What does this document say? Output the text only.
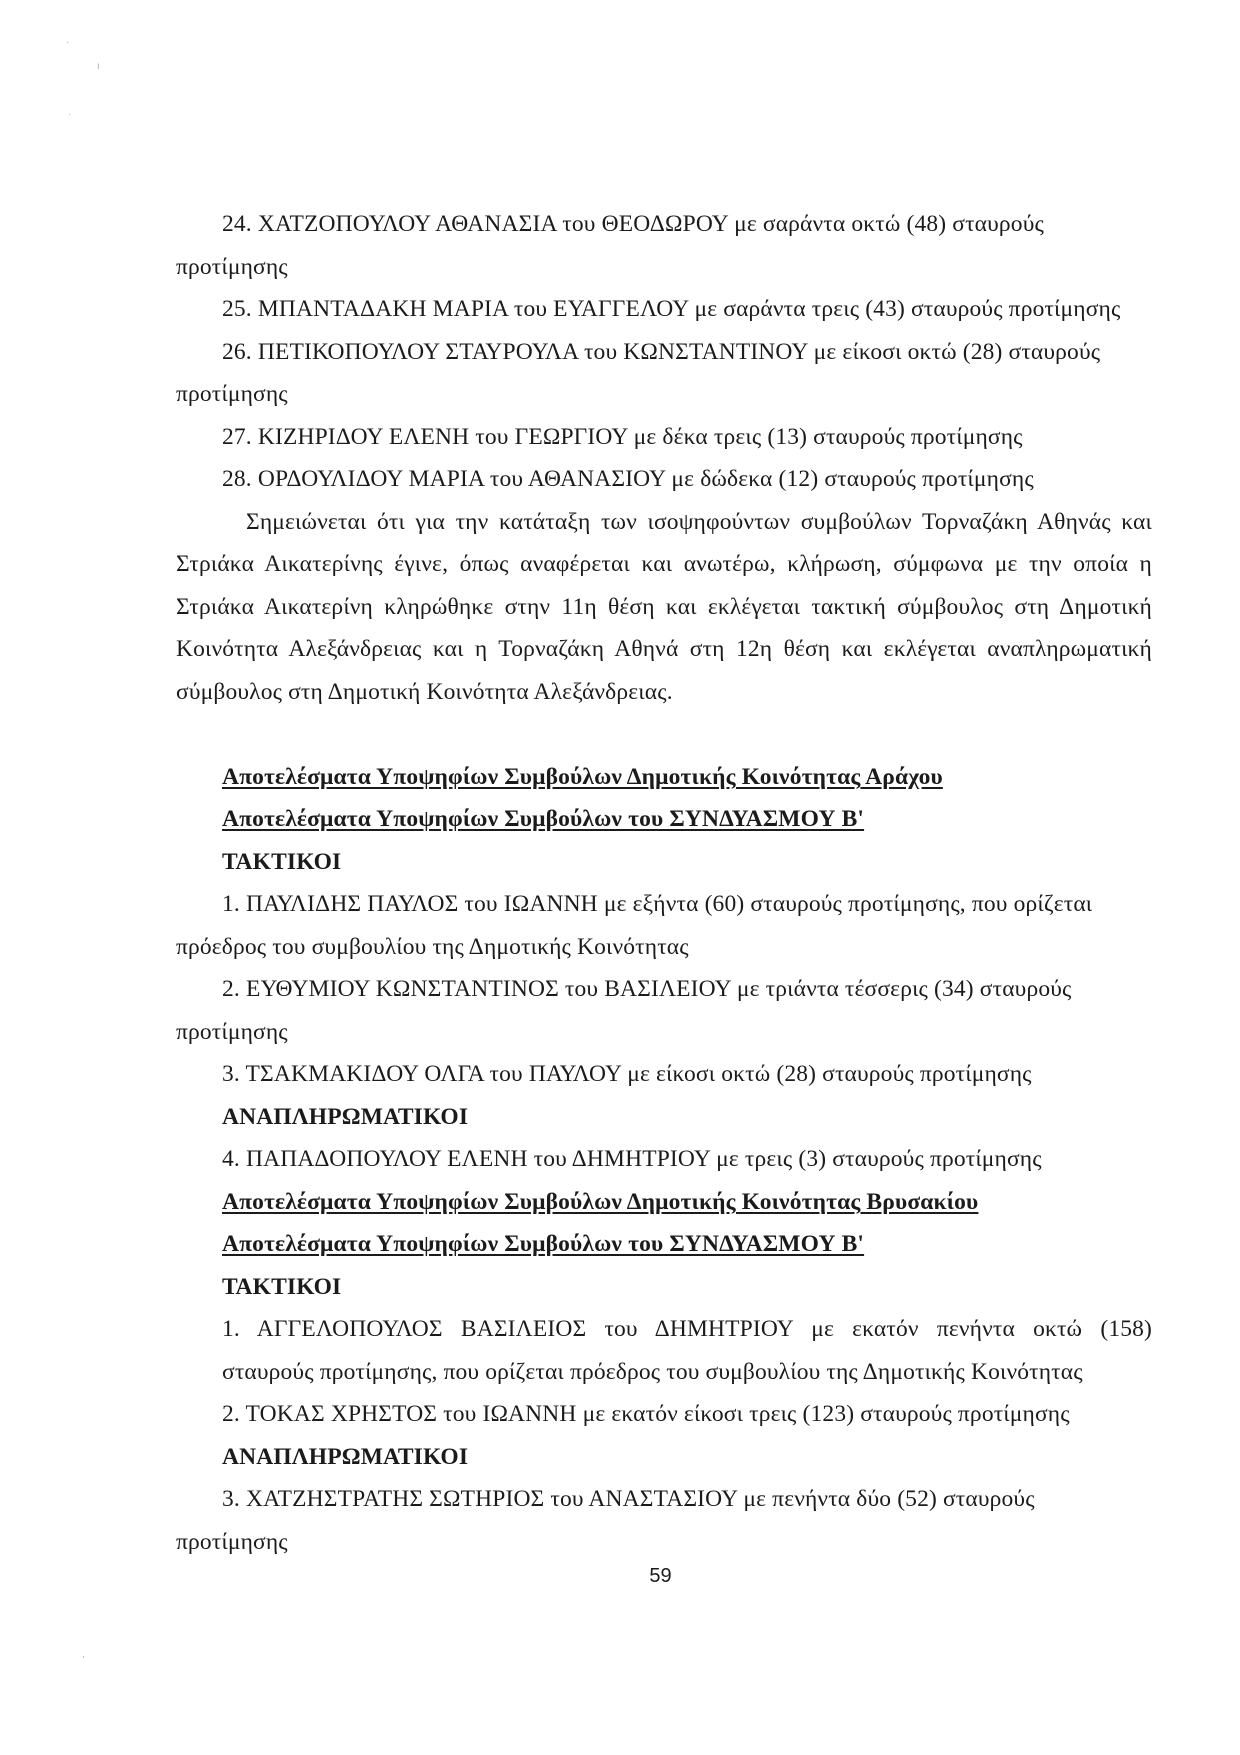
·
ı
·
,
24. ΧΑΤΖΟΠΟΥΛΟΥ ΑΘΑΝΑΣΙΑ του ΘΕΟΔΩΡΟΥ με σαράντα οκτώ (48) σταυρούς
προτίμησης
25. ΜΠΑΝΤΑΔΑΚΗ ΜΑΡΙΑ του ΕΥΑΓΓΕΛΟΥ με σαράντα τρεις (43) σταυρούς προτίμησης
26. ΠΕΤΙΚΟΠΟΥΛΟΥ ΣΤΑΥΡΟΥΛΑ του ΚΩΝΣΤΑΝΤΙΝΟΥ με είκοσι οκτώ (28) σταυρούς
προτίμησης
27. ΚΙΖΗΡΙΔΟΥ ΕΛΕΝΗ του ΓΕΩΡΓΙΟΥ με δέκα τρεις (13) σταυρούς προτίμησης
28. ΟΡΔΟΥΛΙΔΟΥ ΜΑΡΙΑ του ΑΘΑΝΑΣΙΟΥ με δώδεκα (12) σταυρούς προτίμησης
Σημειώνεται ότι για την κατάταξη των ισοψηφούντων συμβούλων Τορναζάκη Αθηνάς και
Στριάκα Αικατερίνης έγινε, όπως αναφέρεται και ανωτέρω, κλήρωση, σύμφωνα με την οποία η
Στριάκα Αικατερίνη κληρώθηκε στην 11η θέση και εκλέγεται τακτική σύμβουλος στη Δημοτική
Κοινότητα Αλεξάνδρειας και η Τορναζάκη Αθηνά στη 12η θέση και εκλέγεται αναπληρωματική
σύμβουλος στη Δημοτική Κοινότητα Αλεξάνδρειας.
Αποτελέσματα Υποψηφίων Συμβούλων Δημοτικής Κοινότητας Αράχου
Αποτελέσματα Υποψηφίων Συμβούλων του ΣΥΝΔΥΑΣΜΟΥ Β'
ΤΑΚΤΙΚΟΙ
1. ΠΑΥΛΙΔΗΣ ΠΑΥΛΟΣ του ΙΩΑΝΝΗ με εξήντα (60) σταυρούς προτίμησης, που ορίζεται
πρόεδρος του συμβουλίου της Δημοτικής Κοινότητας
2. ΕΥΘΥΜΙΟΥ ΚΩΝΣΤΑΝΤΙΝΟΣ του ΒΑΣΙΛΕΙΟΥ με τριάντα τέσσερις (34) σταυρούς
προτίμησης
3. ΤΣΑΚΜΑΚΙΔΟΥ ΟΛΓΑ του ΠΑΥΛΟΥ με είκοσι οκτώ (28) σταυρούς προτίμησης
ΑΝΑΠΛΗΡΩΜΑΤΙΚΟΙ
4. ΠΑΠΑΔΟΠΟΥΛΟΥ ΕΛΕΝΗ του ΔΗΜΗΤΡΙΟΥ με τρεις (3) σταυρούς προτίμησης
Αποτελέσματα Υποψηφίων Συμβούλων Δημοτικής Κοινότητας Βρυσακίου
Αποτελέσματα Υποψηφίων Συμβούλων του ΣΥΝΔΥΑΣΜΟΥ Β'
ΤΑΚΤΙΚΟΙ
1. ΑΓΓΕΛΟΠΟΥΛΟΣ ΒΑΣΙΛΕΙΟΣ του ΔΗΜΗΤΡΙΟΥ με εκατόν πενήντα οκτώ (158)
σταυρούς προτίμησης, που ορίζεται πρόεδρος του συμβουλίου της Δημοτικής Κοινότητας
2. ΤΟΚΑΣ ΧΡΗΣΤΟΣ του ΙΩΑΝΝΗ με εκατόν είκοσι τρεις (123) σταυρούς προτίμησης
ΑΝΑΠΛΗΡΩΜΑΤΙΚΟΙ
3. ΧΑΤΖΗΣΤΡΑΤΗΣ ΣΩΤΗΡΙΟΣ του ΑΝΑΣΤΑΣΙΟΥ με πενήντα δύο (52) σταυρούς
προτίμησης
59
